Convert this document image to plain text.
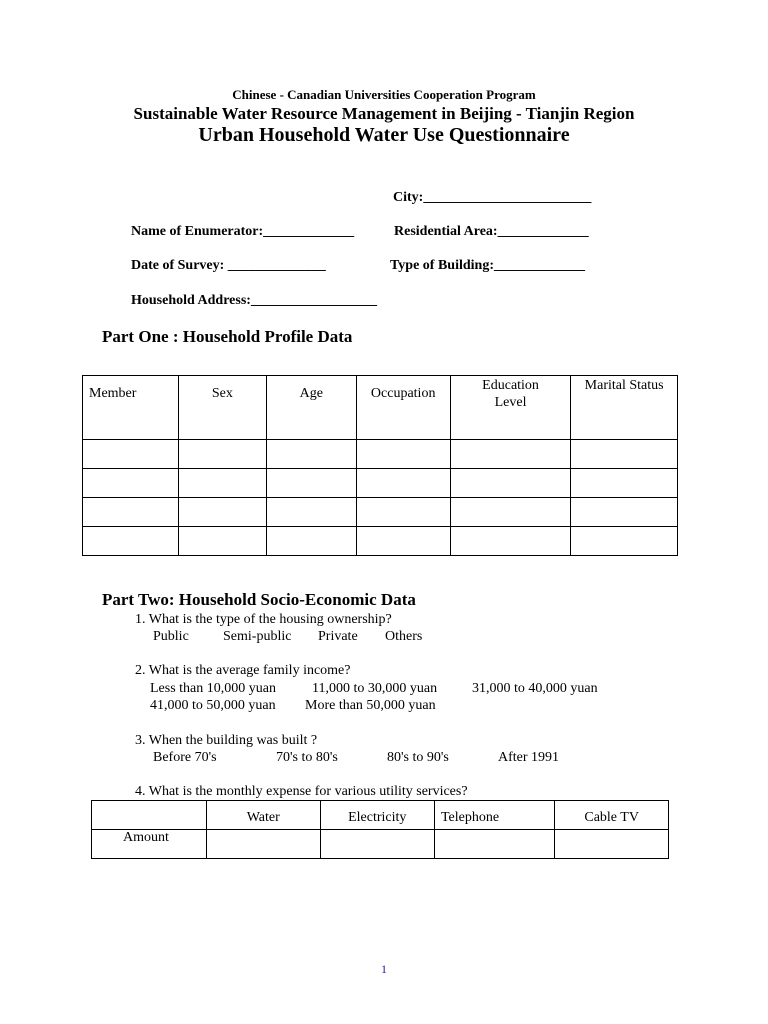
Chinese - Canadian Universities Cooperation Program
Sustainable Water Resource Management in Beijing - Tianjin Region
Urban Household Water Use Questionnaire
City:________________________
Name of Enumerator:_____________	Residential Area:_____________
Date of Survey: ______________	Type of Building:_____________
Household Address:__________________
Part One : Household Profile Data
Member	Sex	Age	Occupation	Education Level	Marital Status

Part Two: Household Socio-Economic Data
1. What is the type of the housing ownership?
Public Semi-public Private Others
2. What is the average family income?
Less than 10,000 yuan	11,000 to 30,000 yuan 31,000 to 40,000 yuan
41,000 to 50,000 yuan More than 50,000 yuan
3. When the building was built ?
Before 70's	70's to 80's	80's to 90's	After 1991
4. What is the monthly expense for various utility services?
	Water	Electricity	Telephone	Cable TV
Amount				
1
